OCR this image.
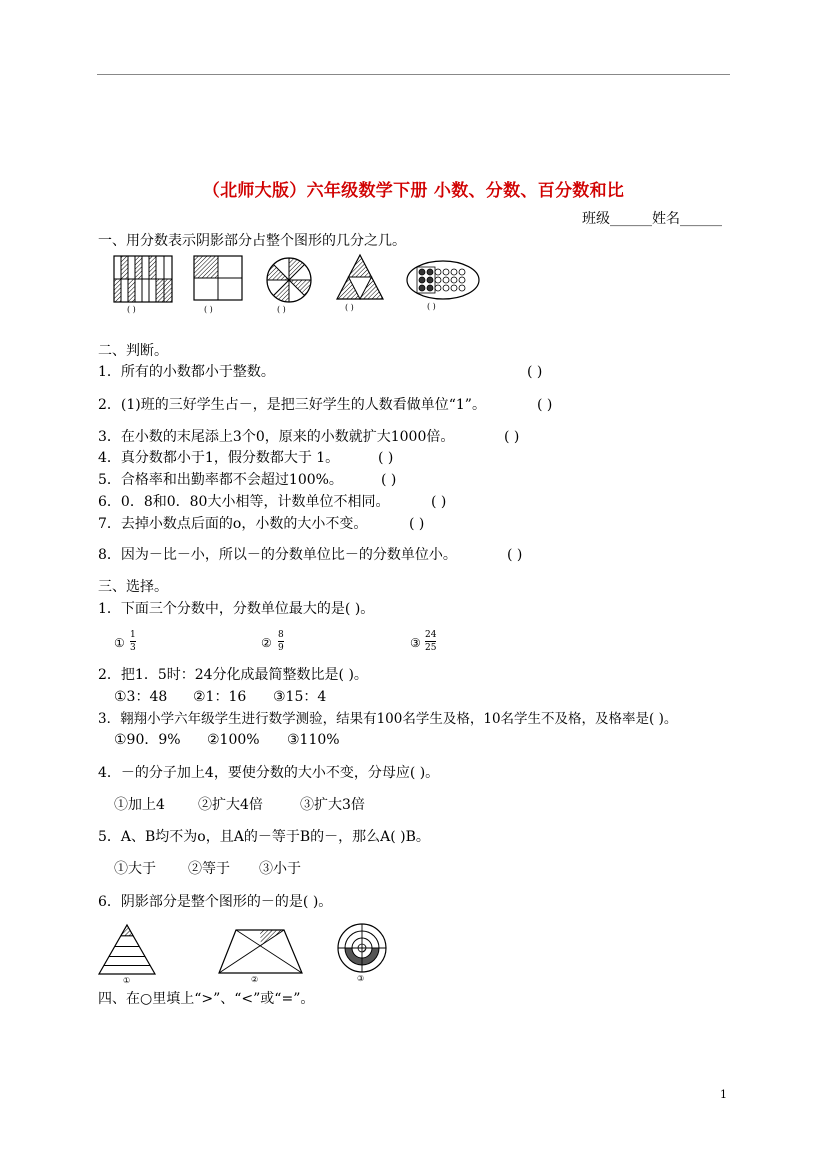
（北师大版）六年级数学下册 小数、分数、百分数和比
班级______姓名______
一、用分数表示阴影部分占整个图形的几分之几。
( )	( )	( )	( )	( )
二、判断。
1．所有的小数都小于整数。	( )
2．(1)班的三好学生占－，是把三好学生的人数看做单位“1”。	( )
3．在小数的末尾添上3个0，原来的小数就扩大1000倍。	( )
4．真分数都小于1，假分数都大于 1。	( )
5．合格率和出勤率都不会超过100%。	( )
6．0．8和0．80大小相等，计数单位不相同。	( )
7．去掉小数点后面的o，小数的大小不变。	( )
8．因为－比－小，所以－的分数单位比－的分数单位小。	( )
三、选择。
1．下面三个分数中，分数单位最大的是( )。
①
1
3	②
8
9	③
24
25
2．把1．5时：24分化成最简整数比是( )。
①3：48 ②1：16 ③15：4
3．翱翔小学六年级学生进行数学测验，结果有100名学生及格，10名学生不及格，及格率是( )。
①90．9% ②100% ③110%
4．－的分子加上4，要使分数的大小不变，分母应( )。
①加上4 ②扩大4倍	③扩大3倍
5．A、B均不为o，且A的－等于B的－，那么A( )B。
①大于 ②等于 ③小于
6．阴影部分是整个图形的－的是( )。
①	②	③
四、在○里填上“>”、“<”或“=”。
1
